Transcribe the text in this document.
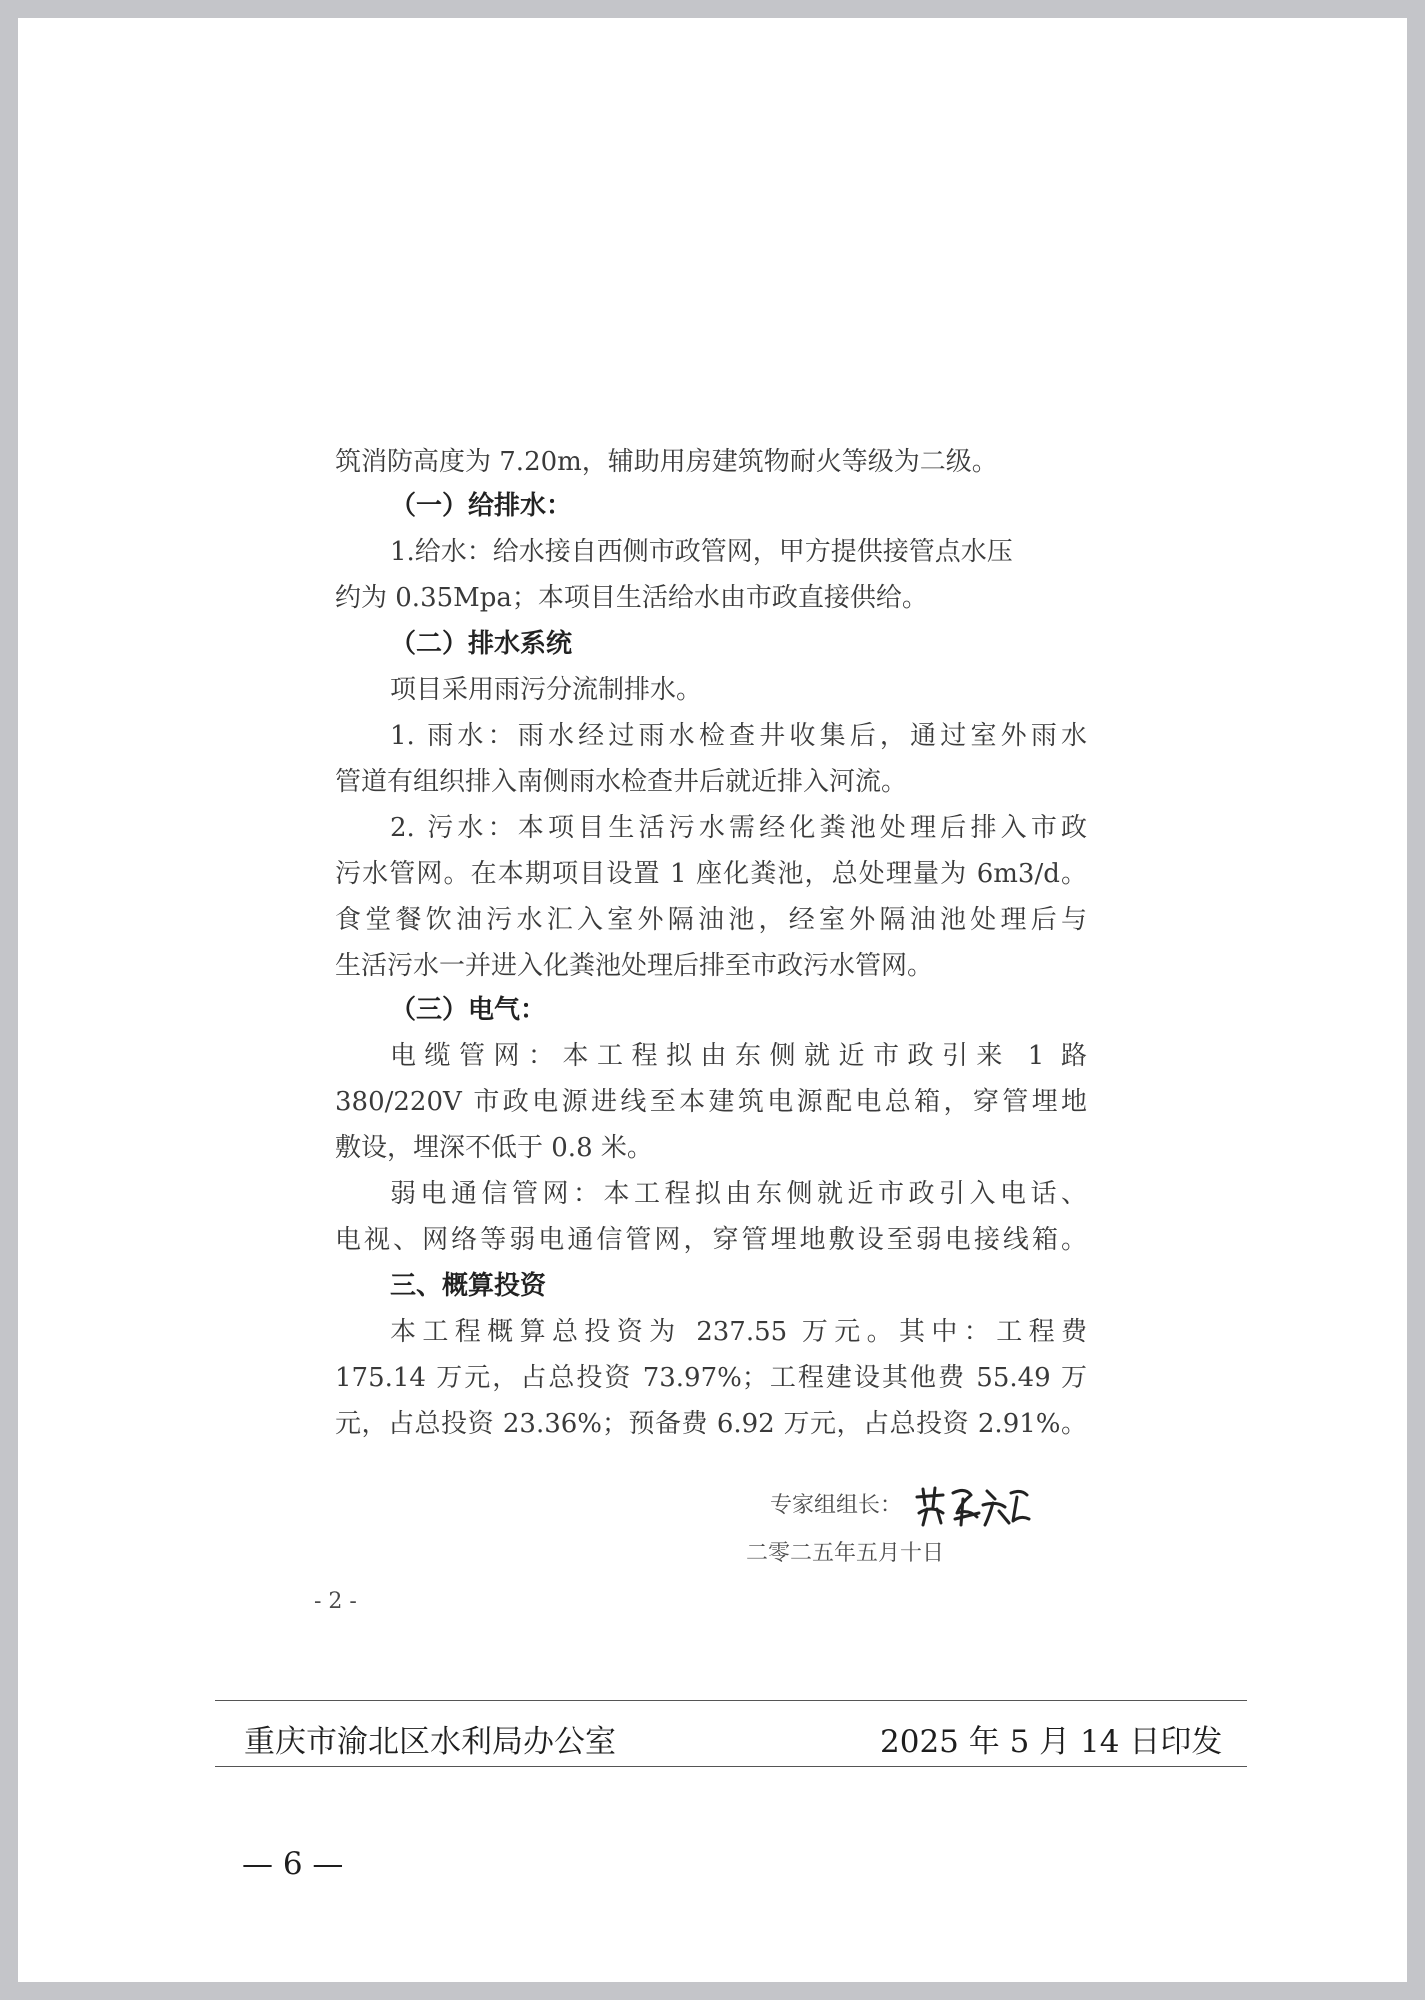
筑消防高度为 7.20m，辅助用房建筑物耐火等级为二级。

（一）给排水：

1.给水：给水接自西侧市政管网，甲方提供接管点水压

约为 0.35Mpa；本项目生活给水由市政直接供给。

（二）排水系统

项目采用雨污分流制排水。

1. 雨水：雨水经过雨水检查井收集后，通过室外雨水

管道有组织排入南侧雨水检查井后就近排入河流。

2. 污水：本项目生活污水需经化粪池处理后排入市政

污水管网。在本期项目设置 1 座化粪池，总处理量为 6m3/d。

食堂餐饮油污水汇入室外隔油池，经室外隔油池处理后与

生活污水一并进入化粪池处理后排至市政污水管网。

（三）电气：

电缆管网：本工程拟由东侧就近市政引来 1 路

380/220V 市政电源进线至本建筑电源配电总箱，穿管埋地

敷设，埋深不低于 0.8 米。

弱电通信管网：本工程拟由东侧就近市政引入电话、

电视、网络等弱电通信管网，穿管埋地敷设至弱电接线箱。

三、概算投资

本工程概算总投资为 237.55 万元。其中：工程费

175.14 万元，占总投资 73.97%；工程建设其他费 55.49 万

元，占总投资 23.36%；预备费 6.92 万元，占总投资 2.91%。

专家组组长：

二零二五年五月十日

- 2 -

重庆市渝北区水利局办公室	2025 年 5 月 14 日印发

— 6 —
